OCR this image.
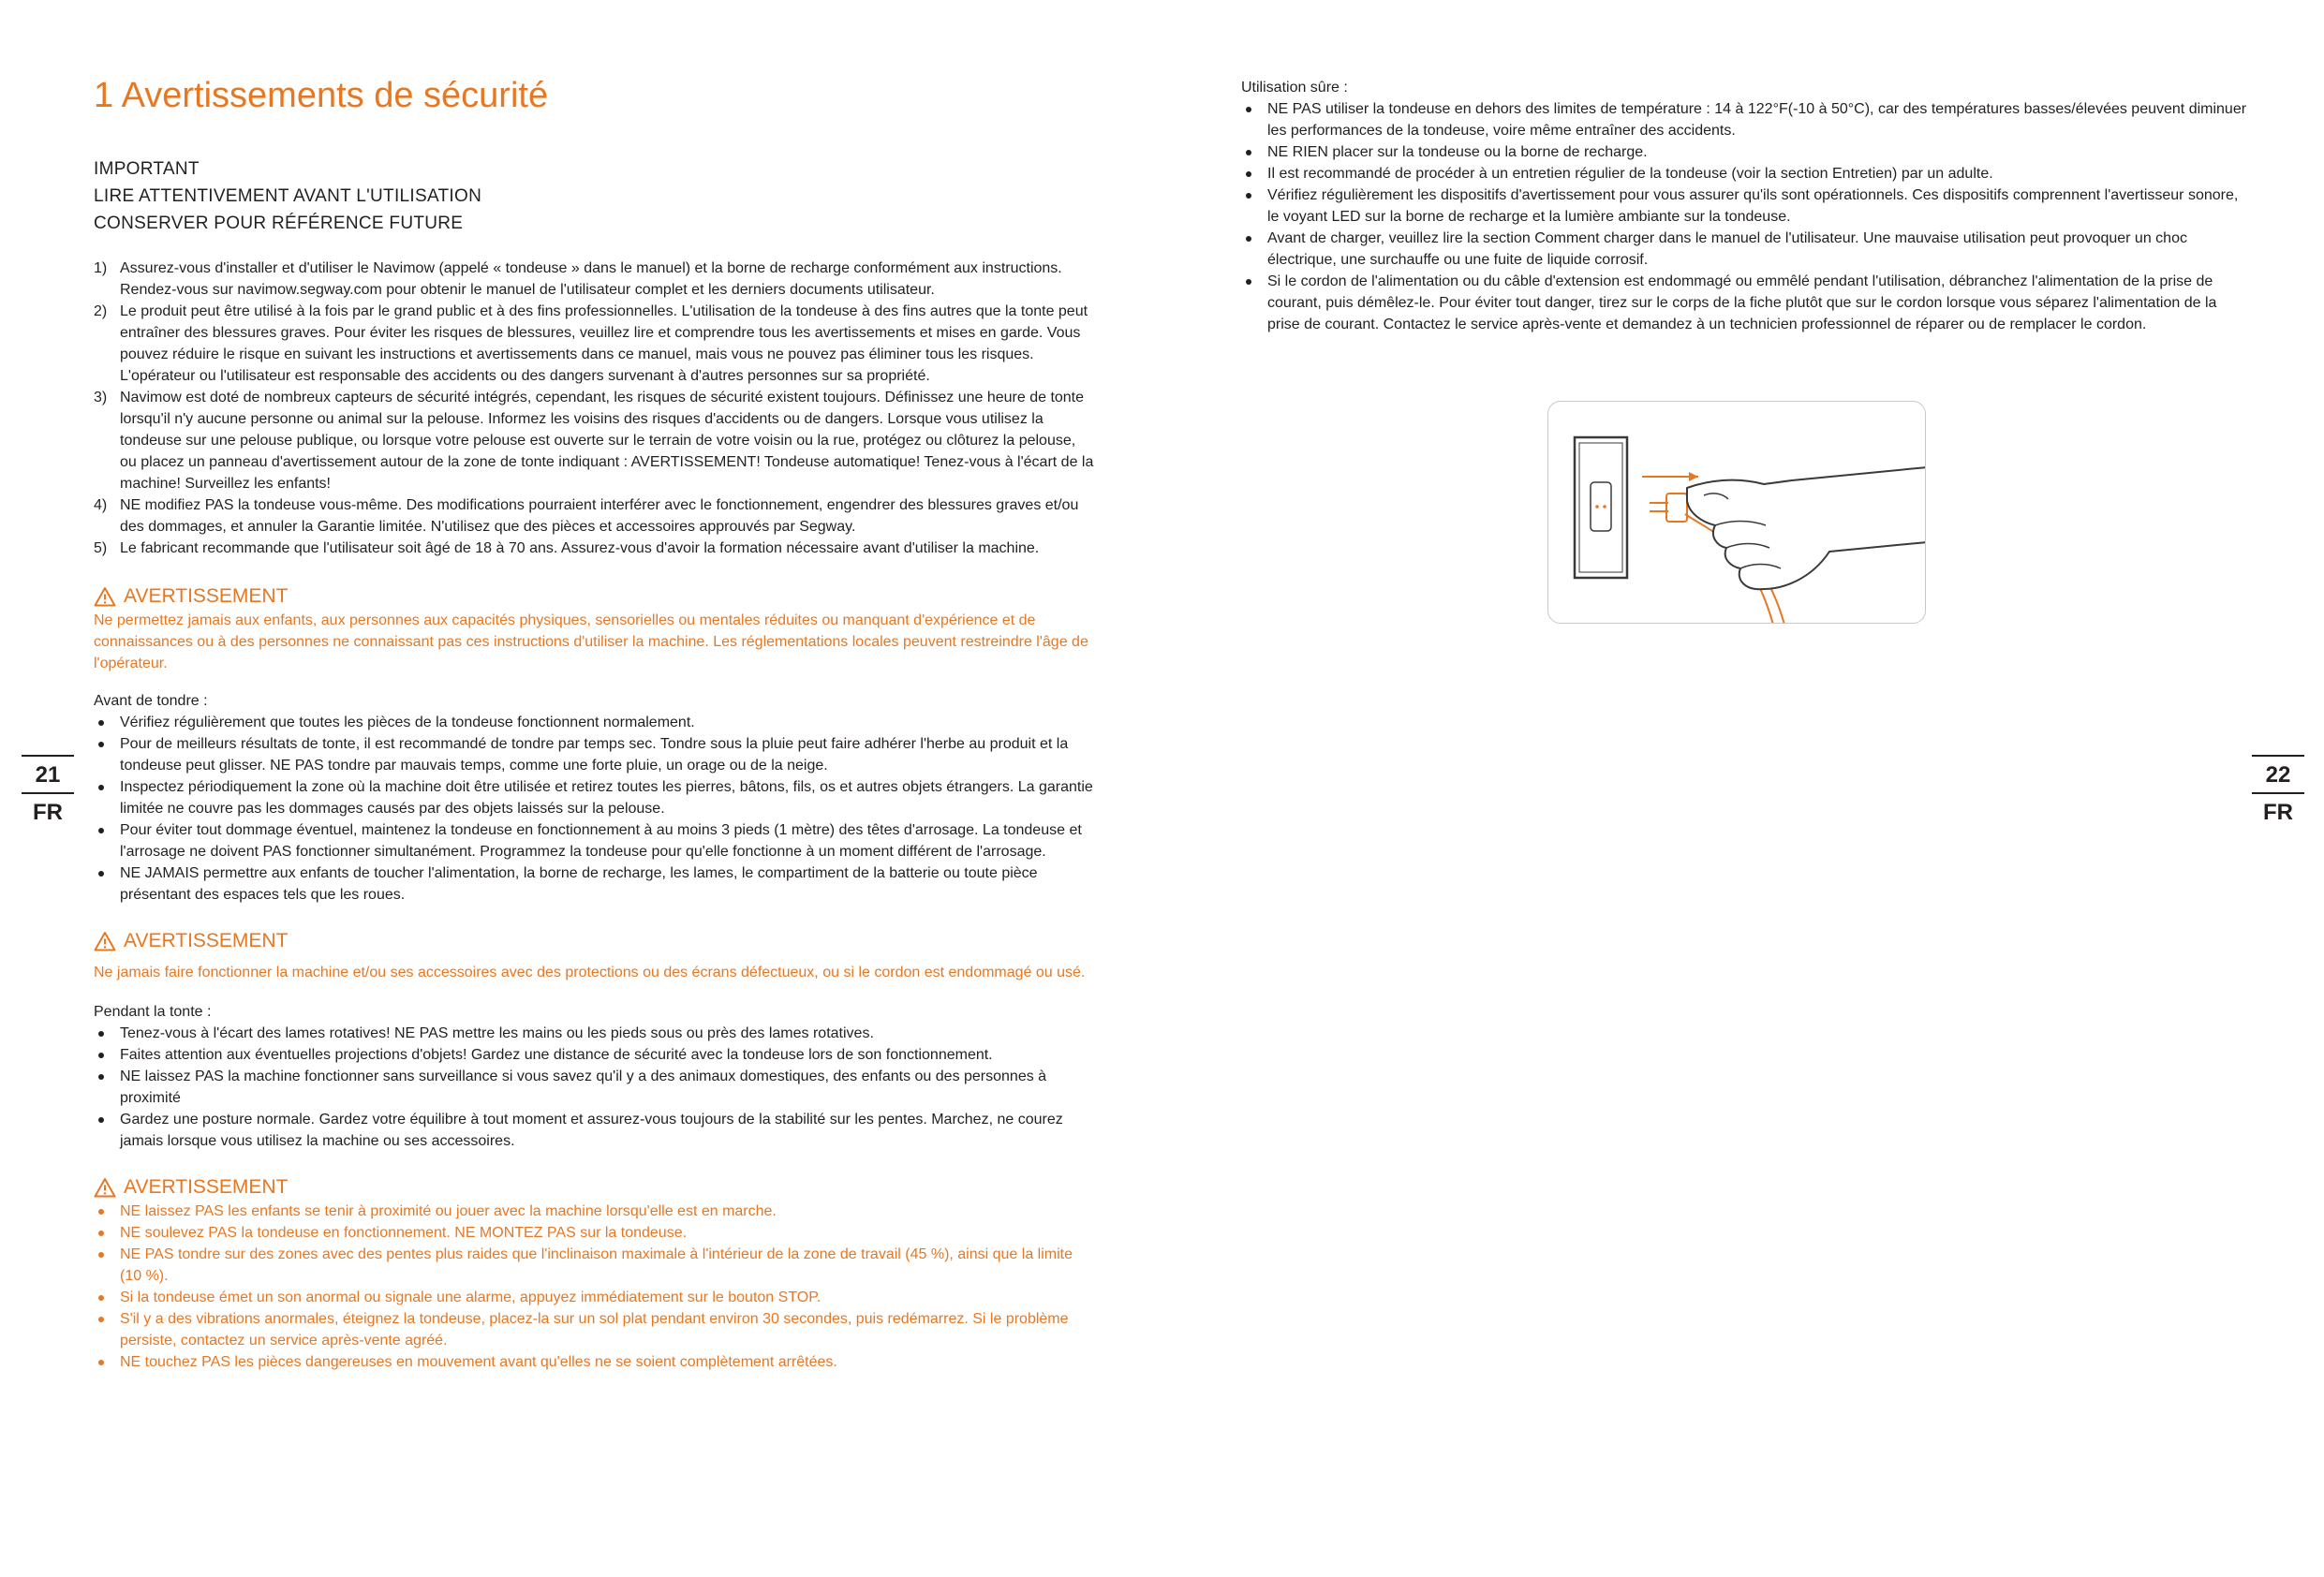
1 Avertissements de sécurité
IMPORTANT
LIRE ATTENTIVEMENT AVANT L'UTILISATION
CONSERVER POUR RÉFÉRENCE FUTURE
1) Assurez-vous d'installer et d'utiliser le Navimow (appelé « tondeuse » dans le manuel) et la borne de recharge conformément aux instructions. Rendez-vous sur navimow.segway.com pour obtenir le manuel de l'utilisateur complet et les derniers documents utilisateur.
2) Le produit peut être utilisé à la fois par le grand public et à des fins professionnelles. L'utilisation de la tondeuse à des fins autres que la tonte peut entraîner des blessures graves. Pour éviter les risques de blessures, veuillez lire et comprendre tous les avertissements et mises en garde. Vous pouvez réduire le risque en suivant les instructions et avertissements dans ce manuel, mais vous ne pouvez pas éliminer tous les risques. L'opérateur ou l'utilisateur est responsable des accidents ou des dangers survenant à d'autres personnes sur sa propriété.
3) Navimow est doté de nombreux capteurs de sécurité intégrés, cependant, les risques de sécurité existent toujours. Définissez une heure de tonte lorsqu'il n'y aucune personne ou animal sur la pelouse. Informez les voisins des risques d'accidents ou de dangers. Lorsque vous utilisez la tondeuse sur une pelouse publique, ou lorsque votre pelouse est ouverte sur le terrain de votre voisin ou la rue, protégez ou clôturez la pelouse, ou placez un panneau d'avertissement autour de la zone de tonte indiquant : AVERTISSEMENT! Tondeuse automatique! Tenez-vous à l'écart de la machine! Surveillez les enfants!
4) NE modifiez PAS la tondeuse vous-même. Des modifications pourraient interférer avec le fonctionnement, engendrer des blessures graves et/ou des dommages, et annuler la Garantie limitée. N'utilisez que des pièces et accessoires approuvés par Segway.
5) Le fabricant recommande que l'utilisateur soit âgé de 18 à 70 ans. Assurez-vous d'avoir la formation nécessaire avant d'utiliser la machine.
AVERTISSEMENT
Ne permettez jamais aux enfants, aux personnes aux capacités physiques, sensorielles ou mentales réduites ou manquant d'expérience et de connaissances ou à des personnes ne connaissant pas ces instructions d'utiliser la machine. Les réglementations locales peuvent restreindre l'âge de l'opérateur.
Avant de tondre :
Vérifiez régulièrement que toutes les pièces de la tondeuse fonctionnent normalement.
Pour de meilleurs résultats de tonte, il est recommandé de tondre par temps sec. Tondre sous la pluie peut faire adhérer l'herbe au produit et la tondeuse peut glisser. NE PAS tondre par mauvais temps, comme une forte pluie, un orage ou de la neige.
Inspectez périodiquement la zone où la machine doit être utilisée et retirez toutes les pierres, bâtons, fils, os et autres objets étrangers. La garantie limitée ne couvre pas les dommages causés par des objets laissés sur la pelouse.
Pour éviter tout dommage éventuel, maintenez la tondeuse en fonctionnement à au moins 3 pieds (1 mètre) des têtes d'arrosage. La tondeuse et l'arrosage ne doivent PAS fonctionner simultanément. Programmez la tondeuse pour qu'elle fonctionne à un moment différent de l'arrosage.
NE JAMAIS permettre aux enfants de toucher l'alimentation, la borne de recharge, les lames, le compartiment de la batterie ou toute pièce présentant des espaces tels que les roues.
AVERTISSEMENT
Ne jamais faire fonctionner la machine et/ou ses accessoires avec des protections ou des écrans défectueux, ou si le cordon est endommagé ou usé.
Pendant la tonte :
Tenez-vous à l'écart des lames rotatives! NE PAS mettre les mains ou les pieds sous ou près des lames rotatives.
Faites attention aux éventuelles projections d'objets! Gardez une distance de sécurité avec la tondeuse lors de son fonctionnement.
NE laissez PAS la machine fonctionner sans surveillance si vous savez qu'il y a des animaux domestiques, des enfants ou des personnes à proximité
Gardez une posture normale. Gardez votre équilibre à tout moment et assurez-vous toujours de la stabilité sur les pentes. Marchez, ne courez jamais lorsque vous utilisez la machine ou ses accessoires.
AVERTISSEMENT
NE laissez PAS les enfants se tenir à proximité ou jouer avec la machine lorsqu'elle est en marche.
NE soulevez PAS la tondeuse en fonctionnement. NE MONTEZ PAS sur la tondeuse.
NE PAS tondre sur des zones avec des pentes plus raides que l'inclinaison maximale à l'intérieur de la zone de travail (45 %), ainsi que la limite (10 %).
Si la tondeuse émet un son anormal ou signale une alarme, appuyez immédiatement sur le bouton STOP.
S'il y a des vibrations anormales, éteignez la tondeuse, placez-la sur un sol plat pendant environ 30 secondes, puis redémarrez. Si le problème persiste, contactez un service après-vente agréé.
NE touchez PAS les pièces dangereuses en mouvement avant qu'elles ne se soient complètement arrêtées.
Utilisation sûre :
NE PAS utiliser la tondeuse en dehors des limites de température : 14 à 122°F(-10 à 50°C), car des températures basses/élevées peuvent diminuer les performances de la tondeuse, voire même entraîner des accidents.
NE RIEN placer sur la tondeuse ou la borne de recharge.
Il est recommandé de procéder à un entretien régulier de la tondeuse (voir la section Entretien) par un adulte.
Vérifiez régulièrement les dispositifs d'avertissement pour vous assurer qu'ils sont opérationnels. Ces dispositifs comprennent l'avertisseur sonore, le voyant LED sur la borne de recharge et la lumière ambiante sur la tondeuse.
Avant de charger, veuillez lire la section Comment charger dans le manuel de l'utilisateur. Une mauvaise utilisation peut provoquer un choc électrique, une surchauffe ou une fuite de liquide corrosif.
Si le cordon de l'alimentation ou du câble d'extension est endommagé ou emmêlé pendant l'utilisation, débranchez l'alimentation de la prise de courant, puis démêlez-le. Pour éviter tout danger, tirez sur le corps de la fiche plutôt que sur le cordon lorsque vous séparez l'alimentation de la prise de courant. Contactez le service après-vente et demandez à un technicien professionnel de réparer ou de remplacer le cordon.
21
FR
22
FR
